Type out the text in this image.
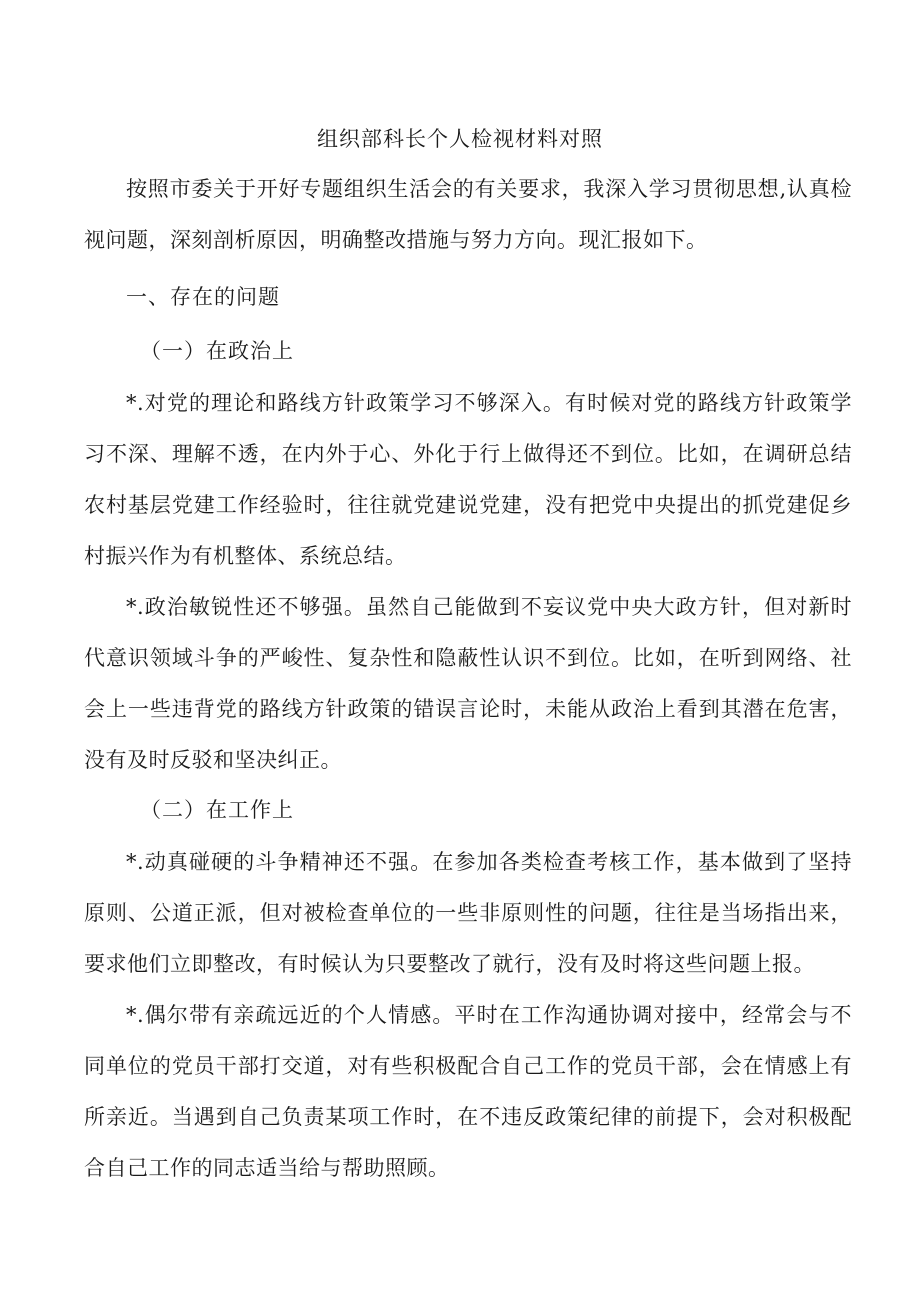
组织部科长个人检视材料对照

按照市委关于开好专题组织生活会的有关要求，我深入学习贯彻思想,认真检视问题，深刻剖析原因，明确整改措施与努力方向。现汇报如下。

一、存在的问题
（一）在政治上

*.对党的理论和路线方针政策学习不够深入。有时候对党的路线方针政策学习不深、理解不透，在内外于心、外化于行上做得还不到位。比如，在调研总结农村基层党建工作经验时，往往就党建说党建，没有把党中央提出的抓党建促乡村振兴作为有机整体、系统总结。

*.政治敏锐性还不够强。虽然自己能做到不妄议党中央大政方针，但对新时代意识领域斗争的严峻性、复杂性和隐蔽性认识不到位。比如，在听到网络、社会上一些违背党的路线方针政策的错误言论时，未能从政治上看到其潜在危害，没有及时反驳和坚决纠正。

（二）在工作上

*.动真碰硬的斗争精神还不强。在参加各类检查考核工作，基本做到了坚持原则、公道正派，但对被检查单位的一些非原则性的问题，往往是当场指出来，要求他们立即整改，有时候认为只要整改了就行，没有及时将这些问题上报。

*.偶尔带有亲疏远近的个人情感。平时在工作沟通协调对接中，经常会与不同单位的党员干部打交道，对有些积极配合自己工作的党员干部，会在情感上有所亲近。当遇到自己负责某项工作时，在不违反政策纪律的前提下，会对积极配合自己工作的同志适当给与帮助照顾。
